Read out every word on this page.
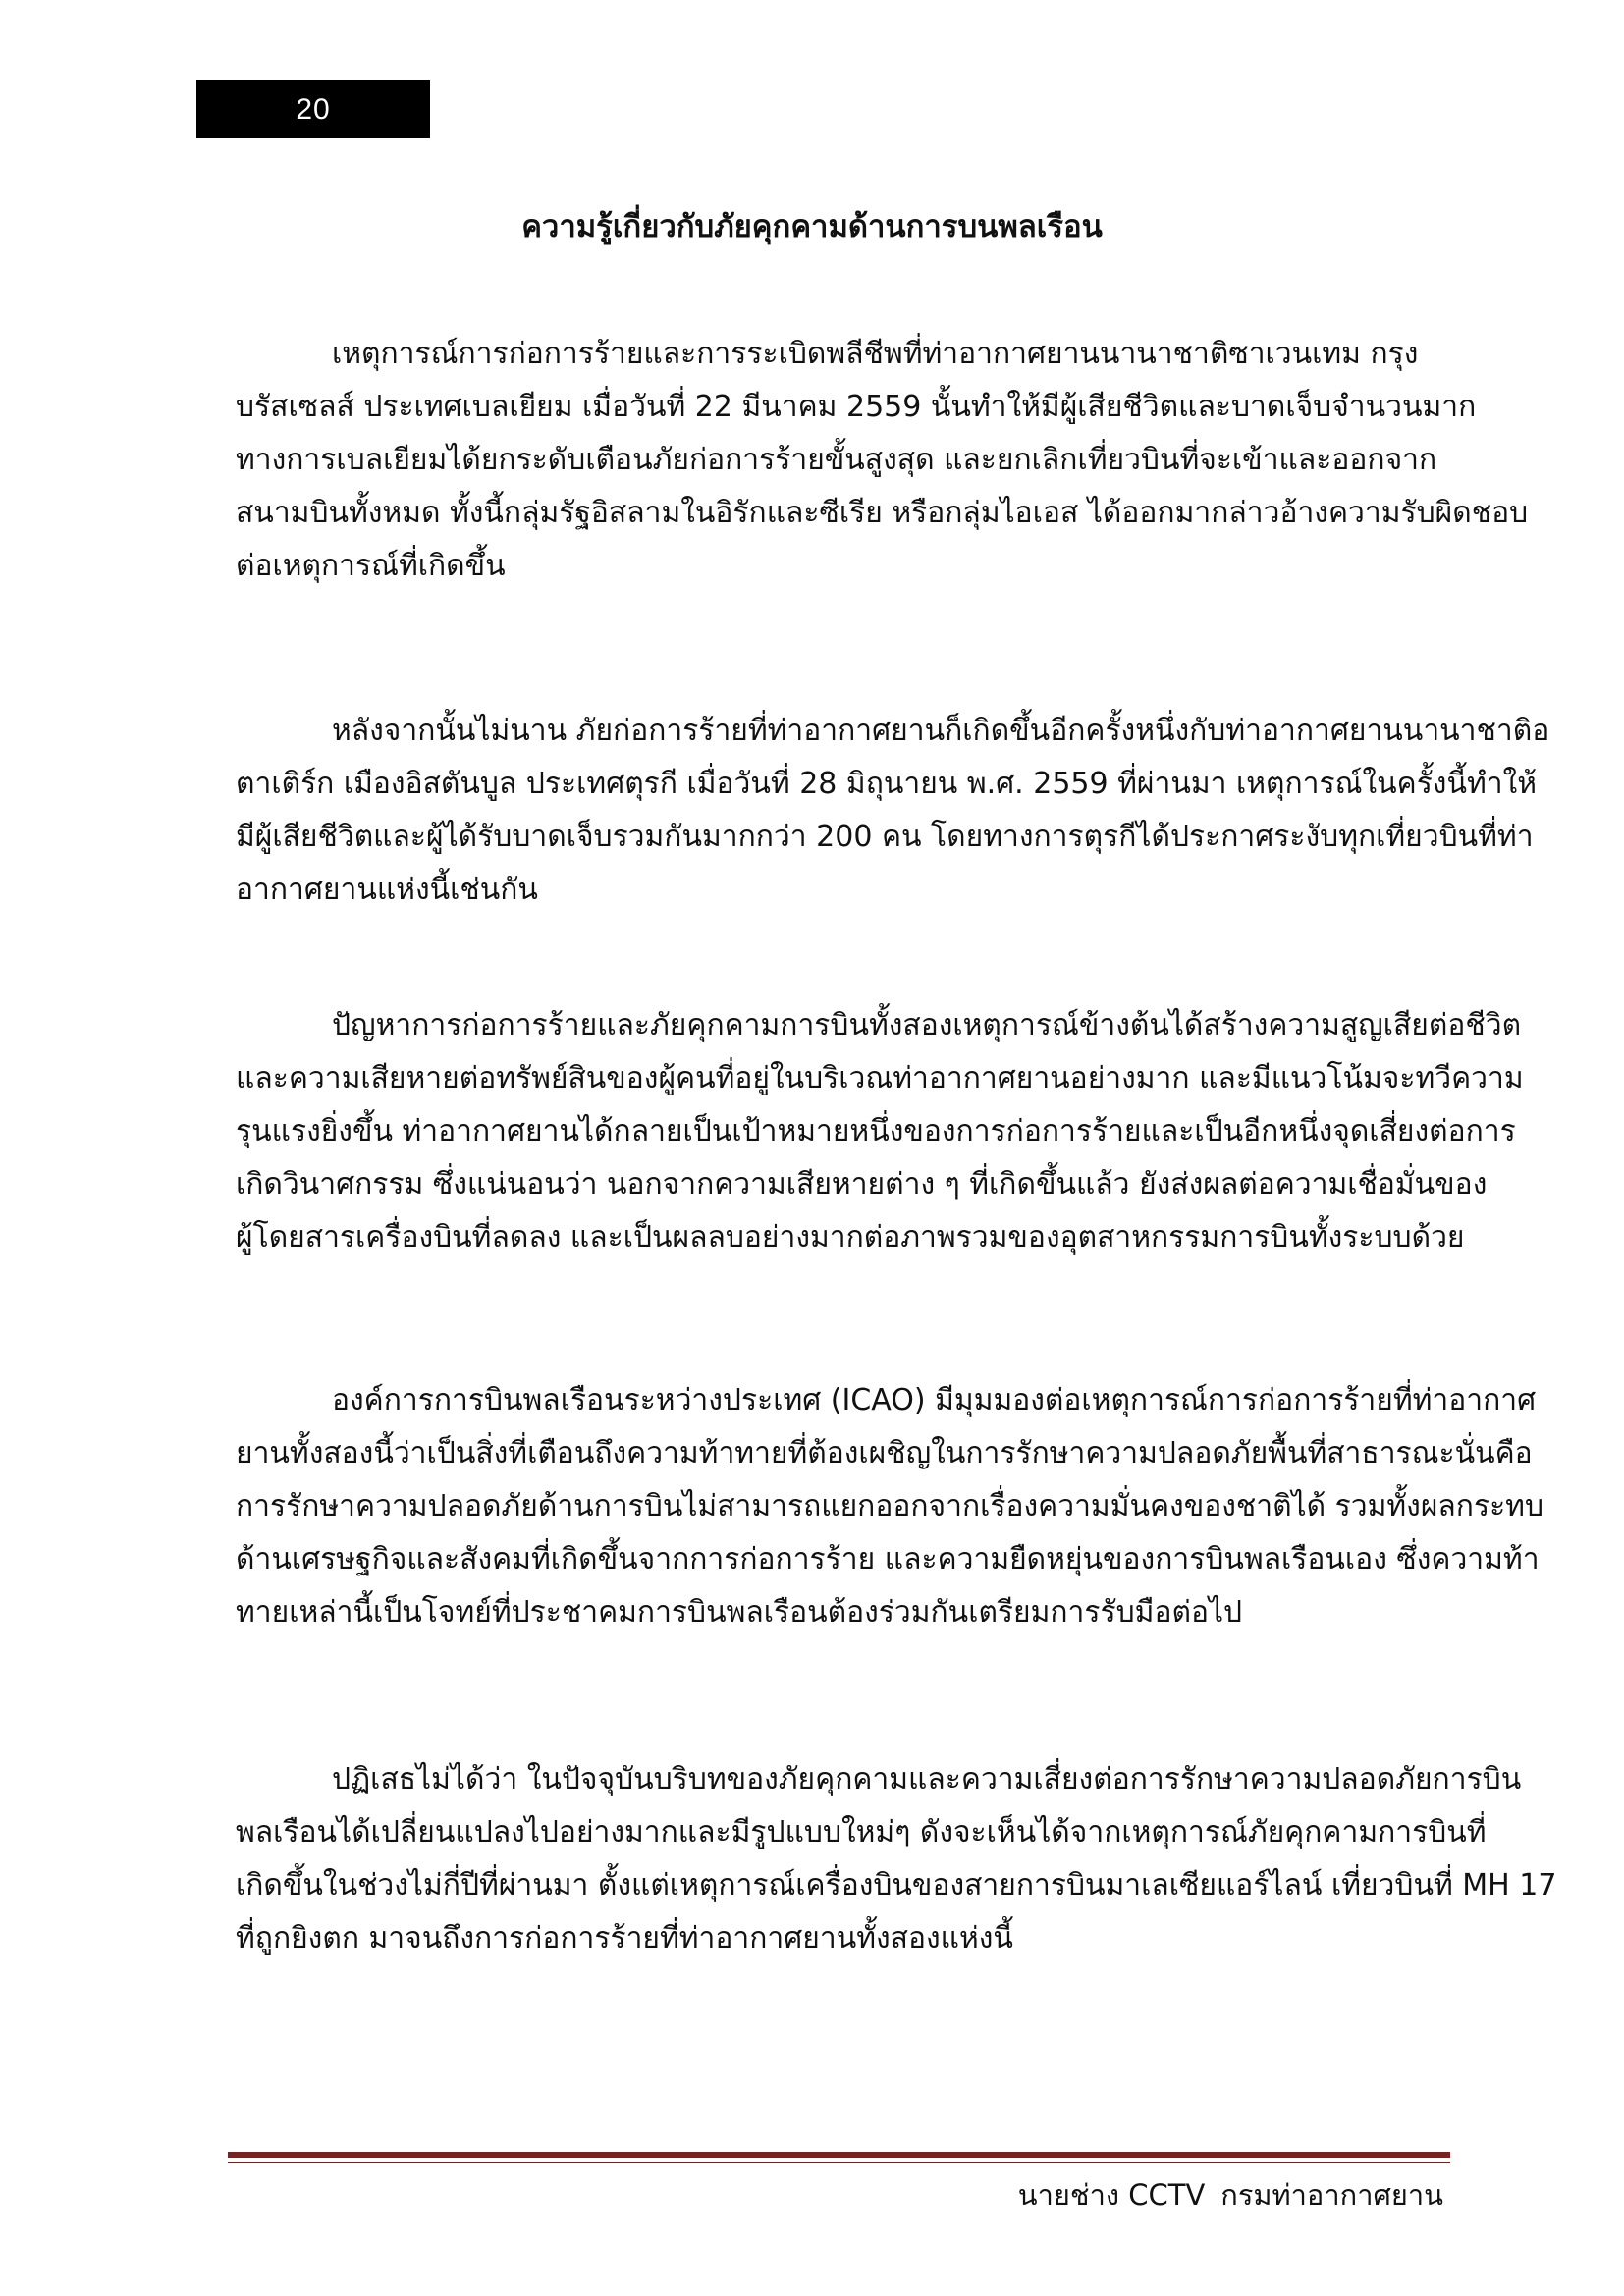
20
ความรู้เกี่ยวกับภัยคุกคามด้านการบนพลเรือน

เหตุการณ์การก่อการร้ายและการระเบิดพลีชีพที่ท่าอากาศยานนานาชาติซาเวนเทม กรุง
บรัสเซลส์ ประเทศเบลเยียม เมื่อวันที่ 22 มีนาคม 2559 นั้นทำให้มีผู้เสียชีวิตและบาดเจ็บจำนวนมาก
ทางการเบลเยียมได้ยกระดับเตือนภัยก่อการร้ายขั้นสูงสุด และยกเลิกเที่ยวบินที่จะเข้าและออกจาก
สนามบินทั้งหมด ทั้งนี้กลุ่มรัฐอิสลามในอิรักและซีเรีย หรือกลุ่มไอเอส ได้ออกมากล่าวอ้างความรับผิดชอบ
ต่อเหตุการณ์ที่เกิดขึ้น

หลังจากนั้นไม่นาน ภัยก่อการร้ายที่ท่าอากาศยานก็เกิดขึ้นอีกครั้งหนึ่งกับท่าอากาศยานนานาชาติอ
ตาเติร์ก เมืองอิสตันบูล ประเทศตุรกี เมื่อวันที่ 28 มิถุนายน พ.ศ. 2559 ที่ผ่านมา เหตุการณ์ในครั้งนี้ทำให้
มีผู้เสียชีวิตและผู้ได้รับบาดเจ็บรวมกันมากกว่า 200 คน โดยทางการตุรกีได้ประกาศระงับทุกเที่ยวบินที่ท่า
อากาศยานแห่งนี้เช่นกัน

ปัญหาการก่อการร้ายและภัยคุกคามการบินทั้งสองเหตุการณ์ข้างต้นได้สร้างความสูญเสียต่อชีวิต
และความเสียหายต่อทรัพย์สินของผู้คนที่อยู่ในบริเวณท่าอากาศยานอย่างมาก และมีแนวโน้มจะทวีความ
รุนแรงยิ่งขึ้น ท่าอากาศยานได้กลายเป็นเป้าหมายหนึ่งของการก่อการร้ายและเป็นอีกหนึ่งจุดเสี่ยงต่อการ
เกิดวินาศกรรม ซึ่งแน่นอนว่า นอกจากความเสียหายต่าง ๆ ที่เกิดขึ้นแล้ว ยังส่งผลต่อความเชื่อมั่นของ
ผู้โดยสารเครื่องบินที่ลดลง และเป็นผลลบอย่างมากต่อภาพรวมของอุตสาหกรรมการบินทั้งระบบด้วย

องค์การการบินพลเรือนระหว่างประเทศ (ICAO) มีมุมมองต่อเหตุการณ์การก่อการร้ายที่ท่าอากาศ
ยานทั้งสองนี้ว่าเป็นสิ่งที่เตือนถึงความท้าทายที่ต้องเผชิญในการรักษาความปลอดภัยพื้นที่สาธารณะนั่นคือ
การรักษาความปลอดภัยด้านการบินไม่สามารถแยกออกจากเรื่องความมั่นคงของชาติได้ รวมทั้งผลกระทบ
ด้านเศรษฐกิจและสังคมที่เกิดขึ้นจากการก่อการร้าย และความยืดหยุ่นของการบินพลเรือนเอง ซึ่งความท้า
ทายเหล่านี้เป็นโจทย์ที่ประชาคมการบินพลเรือนต้องร่วมกันเตรียมการรับมือต่อไป

ปฏิเสธไม่ได้ว่า ในปัจจุบันบริบทของภัยคุกคามและความเสี่ยงต่อการรักษาความปลอดภัยการบิน
พลเรือนได้เปลี่ยนแปลงไปอย่างมากและมีรูปแบบใหม่ๆ ดังจะเห็นได้จากเหตุการณ์ภัยคุกคามการบินที่
เกิดขึ้นในช่วงไม่กี่ปีที่ผ่านมา ตั้งแต่เหตุการณ์เครื่องบินของสายการบินมาเลเซียแอร์ไลน์ เที่ยวบินที่ MH 17
ที่ถูกยิงตก มาจนถึงการก่อการร้ายที่ท่าอากาศยานทั้งสองแห่งนี้

นายช่าง CCTV กรมท่าอากาศยาน
